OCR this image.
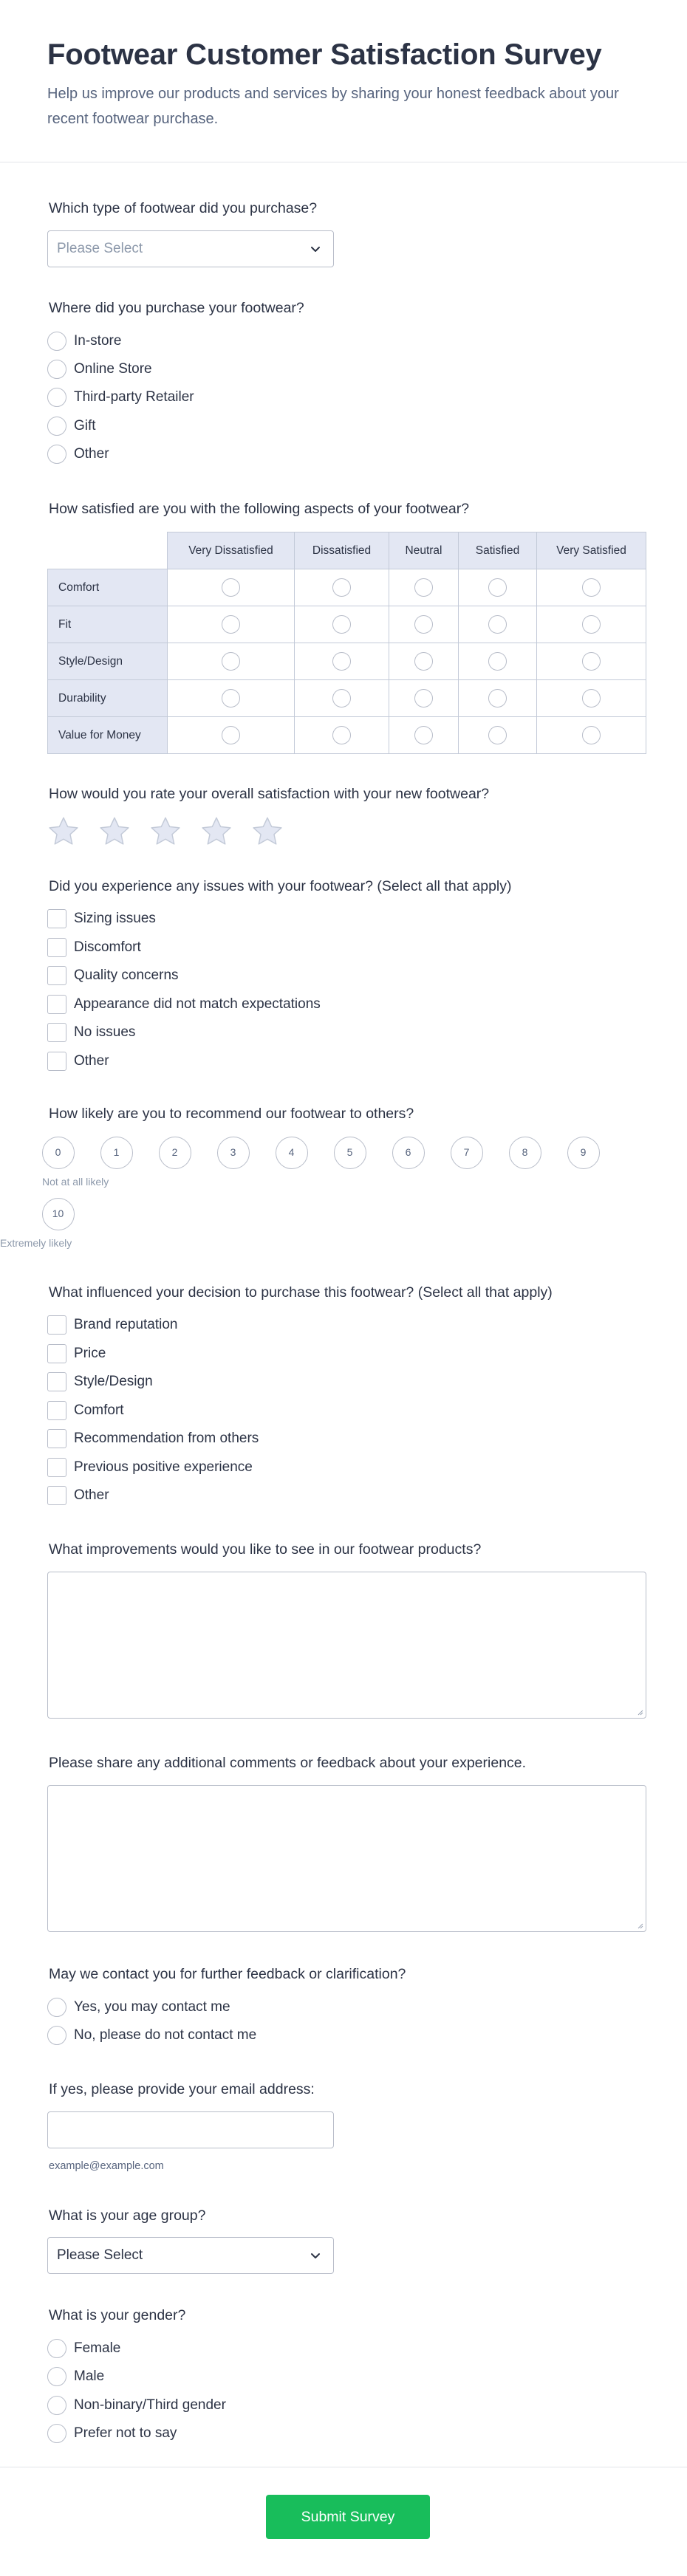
Footwear Customer Satisfaction Survey

Help us improve our products and services by sharing your honest feedback about your recent footwear purchase.

Which type of footwear did you purchase?
Please Select
Where did you purchase your footwear?
In-store
Online Store
Third-party Retailer
Gift
Other
How satisfied are you with the following aspects of your footwear?
	Very Dissatisfied	Dissatisfied	Neutral	Satisfied	Very Satisfied
Comfort					
Fit					
Style/Design					
Durability					
Value for Money					
How would you rate your overall satisfaction with your new footwear?
Did you experience any issues with your footwear? (Select all that apply)
Sizing issues
Discomfort
Quality concerns
Appearance did not match expectations
No issues
Other
How likely are you to recommend our footwear to others?
0	1	2	3	4	5	6	7	8	9
Not at all likely
10
Extremely likely
What influenced your decision to purchase this footwear? (Select all that apply)
Brand reputation
Price
Style/Design
Comfort
Recommendation from others
Previous positive experience
Other
What improvements would you like to see in our footwear products?
Please share any additional comments or feedback about your experience.
May we contact you for further feedback or clarification?
Yes, you may contact me
No, please do not contact me
If yes, please provide your email address:
example@example.com
What is your age group?
Please Select
What is your gender?
Female
Male
Non-binary/Third gender
Prefer not to say
Submit Survey
